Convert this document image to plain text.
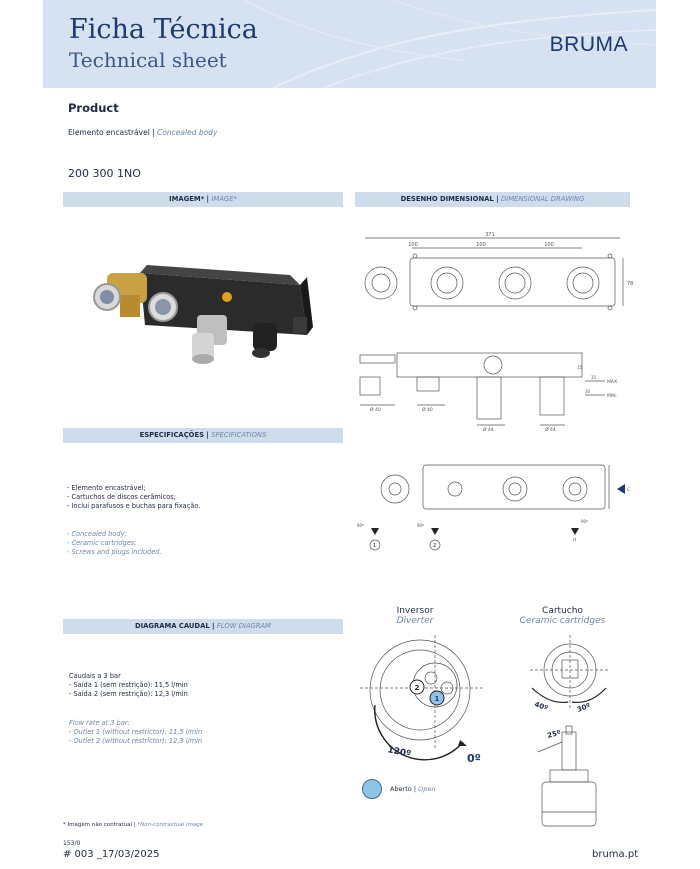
Ficha Técnica
Technical sheet
BRUMA
Product
Elemento encastrável | Concealed body
200 300 1NO
IMAGEM* | IMAGE*	DESENHO DIMENSIONAL | DIMENSIONAL DRAWING
ESPECIFICAÇÕES | SPECIFICATIONS
DIAGRAMA CAUDAL | FLOW DIAGRAM
371
100	100	100
78
Ø 40	Ø 40
Ø 44	Ø 44
MÁX.
MIN.
15
30
35
1	2
C
H
90º	90º
90º
- Elemento encastrável;
- Cartuchos de discos cerâmicos;
- Inclui parafusos e buchas para fixação.
- Concealed body;
- Ceramic cartridges;
- Screws and plugs included.
Inversor
Diverter
2
1
120º	0º
Cartucho
Ceramic cartridges
40º	30º
25º
Caudais a 3 bar
- Saída 1 (sem restrição): 11,5 l/min
- Saída 2 (sem restrição): 12,3 l/min
Flow rate at 3 bar:
- Outlet 1 (without restrictor): 11,5 l/min
- Outlet 2 (without restrictor): 12,3 l/min
Aberto | Open
* Imagem não contratual | *Non-contractual image
153/0
# 003 _17/03/2025	bruma.pt
